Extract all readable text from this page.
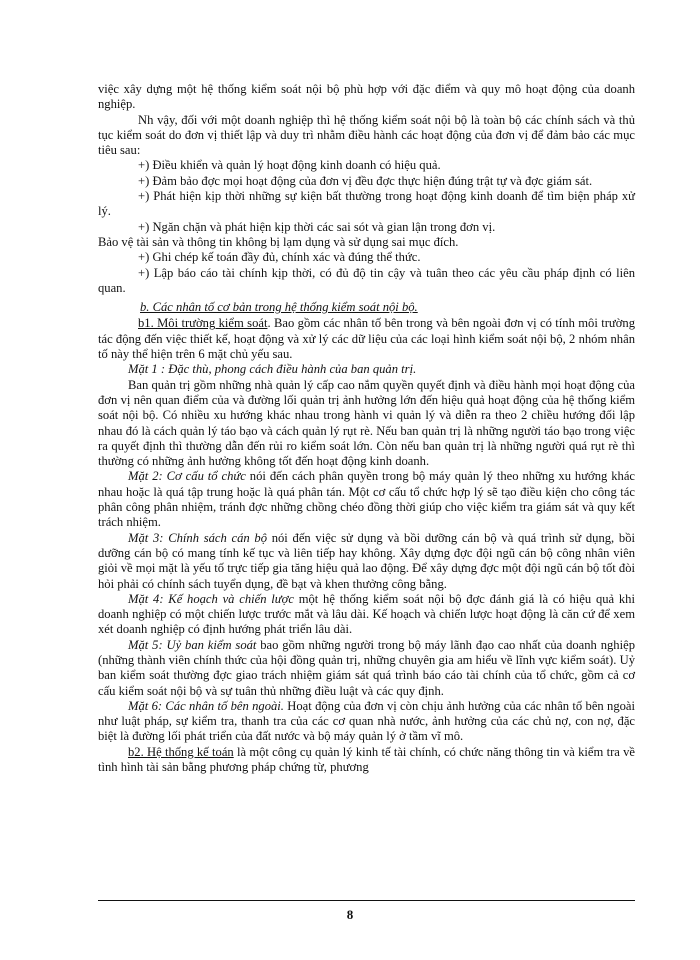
việc xây dựng một hệ thống kiểm soát nội bộ phù hợp với đặc điểm và quy mô hoạt động của doanh nghiệp.

Nh vậy, đối với một doanh nghiệp thì hệ thống kiểm soát nội bộ là toàn bộ các chính sách và thủ tục kiểm soát do đơn vị thiết lập và duy trì nhằm điều hành các hoạt động của đơn vị để đảm bảo các mục tiêu sau:

+) Điều khiển và quản lý hoạt động kinh doanh có hiệu quả.

+) Đảm bảo đợc mọi hoạt động của đơn vị đều đợc thực hiện đúng trật tự và đợc giám sát.

+) Phát hiện kịp thời những sự kiện bất thường trong hoạt động kinh doanh để tìm biện pháp xử lý.

+) Ngăn chặn và phát hiện kịp thời các sai sót và gian lận trong đơn vị.

Bảo vệ tài sản và thông tin không bị lạm dụng và sử dụng sai mục đích.

+) Ghi chép kế toán đầy đủ, chính xác và đúng thể thức.

+) Lập báo cáo tài chính kịp thời, có đủ độ tin cậy và tuân theo các yêu cầu pháp định có liên quan.

b. Các nhân tố cơ bản trong hệ thống kiểm soát nội bộ.

b1. Môi trường kiểm soát. Bao gồm các nhân tố bên trong và bên ngoài đơn vị có tính môi trường tác động đến việc thiết kế, hoạt động và xử lý các dữ liệu của các loại hình kiểm soát nội bộ, 2 nhóm nhân tố này thể hiện trên 6 mặt chủ yếu sau.

Mặt 1 : Đặc thù, phong cách điều hành của ban quản trị.

Ban quản trị gồm những nhà quản lý cấp cao nắm quyền quyết định và điều hành mọi hoạt động của đơn vị nên quan điểm của và đường lối quản trị ảnh hưởng lớn đến hiệu quả hoạt động của hệ thống kiểm soát nội bộ. Có nhiều xu hướng khác nhau trong hành vi quản lý và diễn ra theo 2 chiều hướng đối lập nhau đó là cách quản lý táo bạo và cách quản lý rụt rè. Nếu ban quản trị là những người táo bạo trong việc ra quyết định thì thường dẫn đến rủi ro kiểm soát lớn. Còn nếu ban quản trị là những người quá rụt rè thì thường có những ảnh hưởng không tốt đến hoạt động kinh doanh.

Mặt 2: Cơ cấu tổ chức nói đến cách phân quyền trong bộ máy quản lý theo những xu hướng khác nhau hoặc là quá tập trung hoặc là quá phân tán. Một cơ cấu tổ chức hợp lý sẽ tạo điều kiện cho công tác phân công phân nhiệm, tránh đợc những chồng chéo đồng thời giúp cho việc kiểm tra giám sát và quy kết trách nhiệm.

Mặt 3: Chính sách cán bộ nói đến việc sử dụng và bồi dưỡng cán bộ và quá trình sử dụng, bồi dưỡng cán bộ có mang tính kế tục và liên tiếp hay không. Xây dựng đợc đội ngũ cán bộ công nhân viên giỏi về mọi mặt là yếu tố trực tiếp gia tăng hiệu quả lao động. Để xây dựng đợc một đội ngũ cán bộ tốt đòi hỏi phải có chính sách tuyển dụng, đề bạt và khen thưởng công bằng.

Mặt 4: Kế hoạch và chiến lược một hệ thống kiểm soát nội bộ đợc đánh giá là có hiệu quả khi doanh nghiệp có một chiến lược trước mắt và lâu dài. Kế hoạch và chiến lược hoạt động là căn cứ để xem xét doanh nghiệp có định hướng phát triển lâu dài.

Mặt 5: Uỷ ban kiểm soát bao gồm những người trong bộ máy lãnh đạo cao nhất của doanh nghiệp (những thành viên chính thức của hội đồng quản trị, những chuyên gia am hiểu về lĩnh vực kiểm soát). Uỷ ban kiểm soát thường đợc giao trách nhiệm giám sát quá trình báo cáo tài chính của tổ chức, gồm cả cơ cấu kiểm soát nội bộ và sự tuân thủ những điều luật và các quy định.

Mặt 6: Các nhân tố bên ngoài. Hoạt động của đơn vị còn chịu ảnh hưởng của các nhân tố bên ngoài như luật pháp, sự kiểm tra, thanh tra của các cơ quan nhà nước, ảnh hưởng của các chủ nợ, con nợ, đặc biệt là đường lối phát triển của đất nước và bộ máy quản lý ở tầm vĩ mô.

b2. Hệ thống kế toán là một công cụ quản lý kinh tế tài chính, có chức năng thông tin và kiểm tra về tình hình tài sản bằng phương pháp chứng từ, phương

8
